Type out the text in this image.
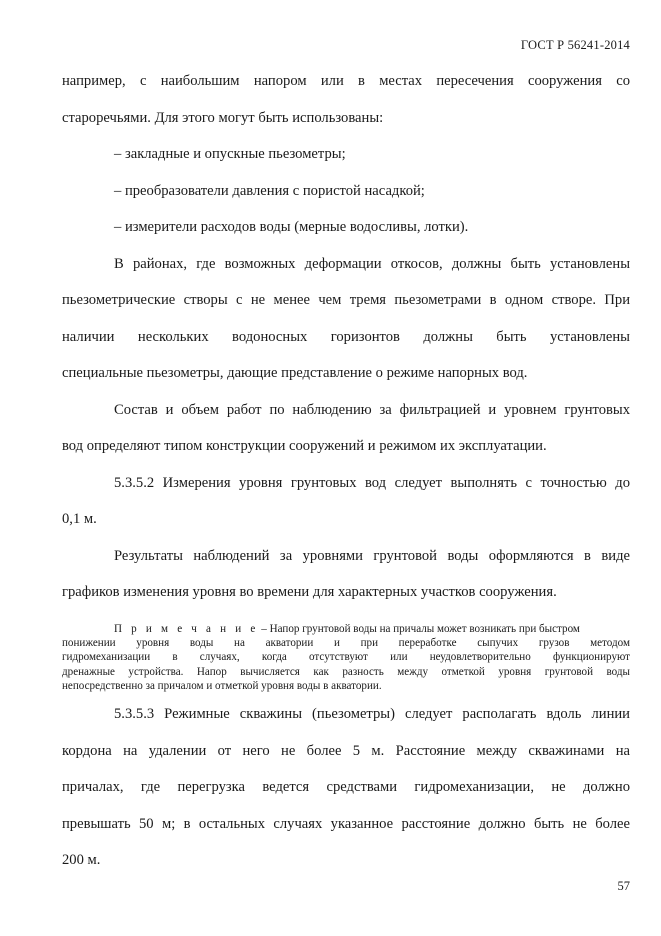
ГОСТ Р 56241-2014
например, с наибольшим напором или в местах пересечения сооружения со
староречьями. Для этого могут быть использованы:
– закладные и опускные пьезометры;
– преобразователи давления с пористой насадкой;
– измерители расходов воды (мерные водосливы, лотки).
В районах, где возможных деформации откосов, должны быть установлены
пьезометрические створы с не менее чем тремя пьезометрами в одном створе. При
наличии нескольких водоносных горизонтов должны быть установлены
специальные пьезометры, дающие представление о режиме напорных вод.
Состав и объем работ по наблюдению за фильтрацией и уровнем грунтовых
вод определяют типом конструкции сооружений и режимом их эксплуатации.
5.3.5.2 Измерения уровня грунтовых вод следует выполнять с точностью до
0,1 м.
Результаты наблюдений за уровнями грунтовой воды оформляются в виде
графиков изменения уровня во времени для характерных участков сооружения.
П р и м е ч а н и е – Напор грунтовой воды на причалы может возникать при быстром
понижении уровня воды на акватории и при перерабoтке сыпучих грузов методом
гидромеханизации в случаях, когда отсутствуют или неудовлетворительно функционируют
дренажные устройства. Напор вычисляется как разность между отметкой уровня грунтовой воды
непосредственно за причалом и отметкой уровня воды в акватории.
5.3.5.3 Режимные скважины (пьезометры) следует располагать вдоль линии
кордона на удалении от него не более 5 м. Расстояние между скважинами на
причалах, где перегрузка ведется средствами гидромеханизации, не должно
превышать 50 м; в остальных случаях указанное расстояние должно быть не более
200 м.
57
